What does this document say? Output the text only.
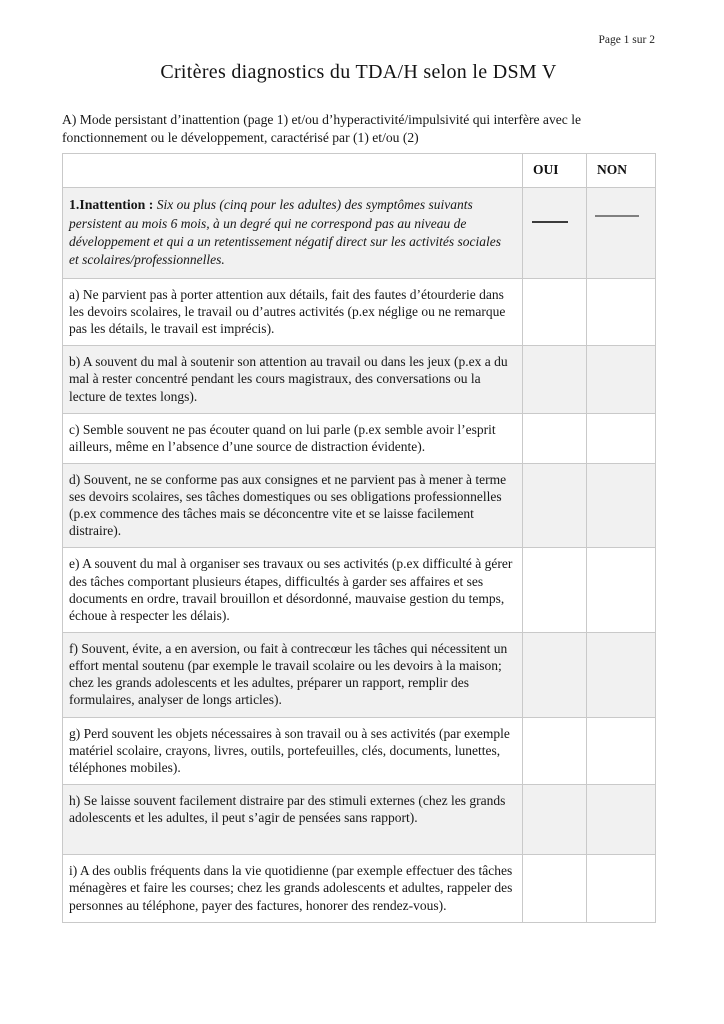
Page 1 sur 2
Critères diagnostics du TDA/H selon le DSM V

A) Mode persistant d’inattention (page 1) et/ou d’hyperactivité/impulsivité qui interfère avec le fonctionnement ou le développement, caractérisé par (1) et/ou (2)

	OUI	NON
1.Inattention : Six ou plus (cinq pour les adultes) des symptômes suivants persistent au mois 6 mois, à un degré qui ne correspond pas au niveau de développement et qui a un retentissement négatif direct sur les activités sociales et scolaires/professionnelles.	

a) Ne parvient pas à porter attention aux détails, fait des fautes d’étourderie dans les devoirs scolaires, le travail ou d’autres activités (p.ex néglige ou ne remarque pas les détails, le travail est imprécis).		
b) A souvent du mal à soutenir son attention au travail ou dans les jeux (p.ex a du mal à rester concentré pendant les cours magistraux, des conversations ou la lecture de textes longs).		
c) Semble souvent ne pas écouter quand on lui parle (p.ex semble avoir l’esprit ailleurs, même en l’absence d’une source de distraction évidente).		
d) Souvent, ne se conforme pas aux consignes et ne parvient pas à mener à terme ses devoirs scolaires, ses tâches domestiques ou ses obligations professionnelles (p.ex commence des tâches mais se déconcentre vite et se laisse facilement distraire).		
e) A souvent du mal à organiser ses travaux ou ses activités (p.ex difficulté à gérer des tâches comportant plusieurs étapes, difficultés à garder ses affaires et ses documents en ordre, travail brouillon et désordonné, mauvaise gestion du temps, échoue à respecter les délais).		
f) Souvent, évite, a en aversion, ou fait à contrecœur les tâches qui nécessitent un effort mental soutenu (par exemple le travail scolaire ou les devoirs à la maison; chez les grands adolescents et les adultes, préparer un rapport, remplir des formulaires, analyser de longs articles).		
g) Perd souvent les objets nécessaires à son travail ou à ses activités (par exemple matériel scolaire, crayons, livres, outils, portefeuilles, clés, documents, lunettes, téléphones mobiles).		
h) Se laisse souvent facilement distraire par des stimuli externes (chez les grands adolescents et les adultes, il peut s’agir de pensées sans rapport).		
i) A des oublis fréquents dans la vie quotidienne (par exemple effectuer des tâches ménagères et faire les courses; chez les grands adolescents et adultes, rappeler des personnes au téléphone, payer des factures, honorer des rendez-vous).		
